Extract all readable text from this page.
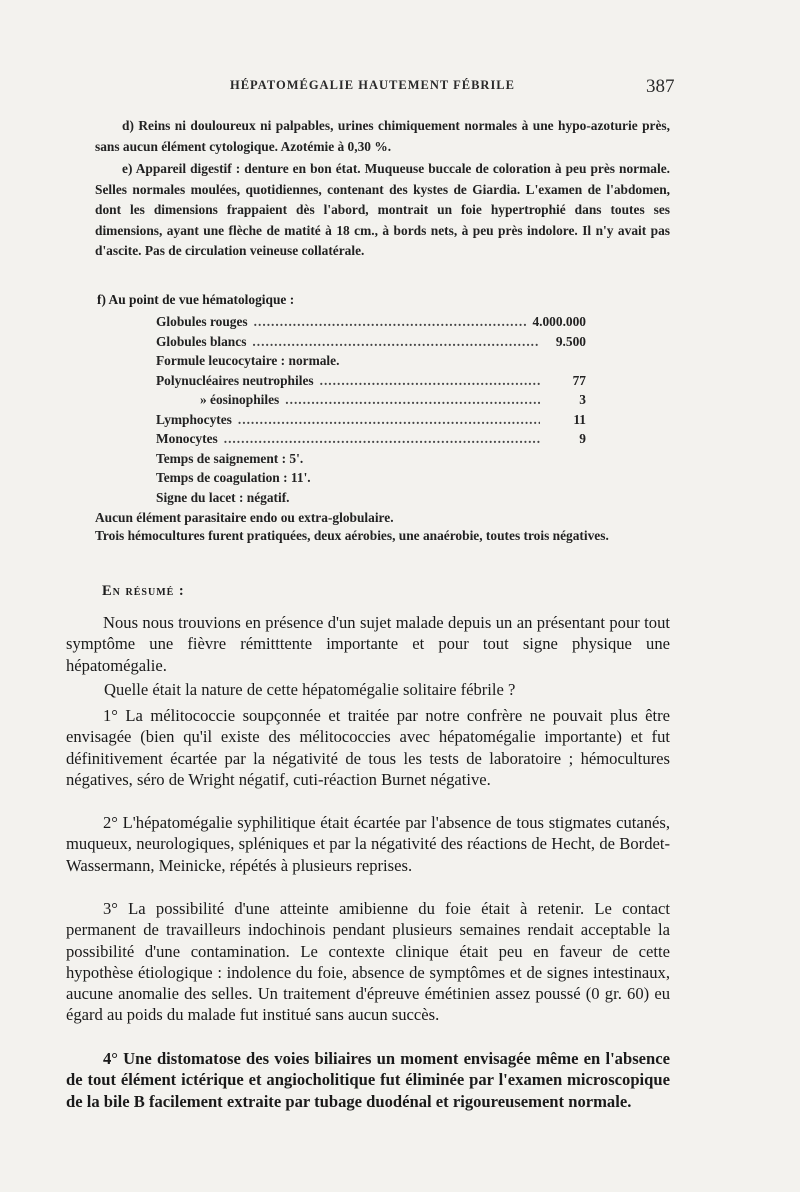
HÉPATOMÉGALIE HAUTEMENT FÉBRILE	387
d) Reins ni douloureux ni palpables, urines chimiquement normales à une hypo-azoturie près, sans aucun élément cytologique. Azotémie à 0,30 %.
e) Appareil digestif : denture en bon état. Muqueuse buccale de coloration à peu près normale. Selles normales moulées, quotidiennes, contenant des kystes de Giardia. L'examen de l'abdomen, dont les dimensions frappaient dès l'abord, montrait un foie hypertrophié dans toutes ses dimensions, ayant une flèche de matité à 18 cm., à bords nets, à peu près indolore. Il n'y avait pas d'ascite. Pas de circulation veineuse collatérale.
f) Au point de vue hématologique :
Globules rouges .....	4.000.000
Globules blancs .....	9.500
Formule leucocytaire : normale.
Polynucléaires neutrophiles .....	77
» éosinophiles .....	3
Lymphocytes .....	11
Monocytes .....	9
Temps de saignement : 5'.
Temps de coagulation : 11'.
Signe du lacet : négatif.
Aucun élément parasitaire endo ou extra-globulaire.
Trois hémocultures furent pratiquées, deux aérobies, une anaérobie, toutes trois négatives.
En résumé :
Nous nous trouvions en présence d'un sujet malade depuis un an présentant pour tout symptôme une fièvre rémitttente importante et pour tout signe physique une hépatomégalie.
Quelle était la nature de cette hépatomégalie solitaire fébrile ?
1° La mélitococcie soupçonnée et traitée par notre confrère ne pouvait plus être envisagée (bien qu'il existe des mélitococcies avec hépatomégalie importante) et fut définitivement écartée par la négativité de tous les tests de laboratoire ; hémocultures négatives, séro de Wright négatif, cuti-réaction Burnet négative.
2° L'hépatomégalie syphilitique était écartée par l'absence de tous stigmates cutanés, muqueux, neurologiques, spléniques et par la négativité des réactions de Hecht, de Bordet-Wassermann, Meinicke, répétés à plusieurs reprises.
3° La possibilité d'une atteinte amibienne du foie était à retenir. Le contact permanent de travailleurs indochinois pendant plusieurs semaines rendait acceptable la possibilité d'une contamination. Le contexte clinique était peu en faveur de cette hypothèse étiologique : indolence du foie, absence de symptômes et de signes intestinaux, aucune anomalie des selles. Un traitement d'épreuve émétinien assez poussé (0 gr. 60) eu égard au poids du malade fut institué sans aucun succès.
4° Une distomatose des voies biliaires un moment envisagée même en l'absence de tout élément ictérique et angiocholitique fut éliminée par l'examen microscopique de la bile B facilement extraite par tubage duodénal et rigoureusement normale.
